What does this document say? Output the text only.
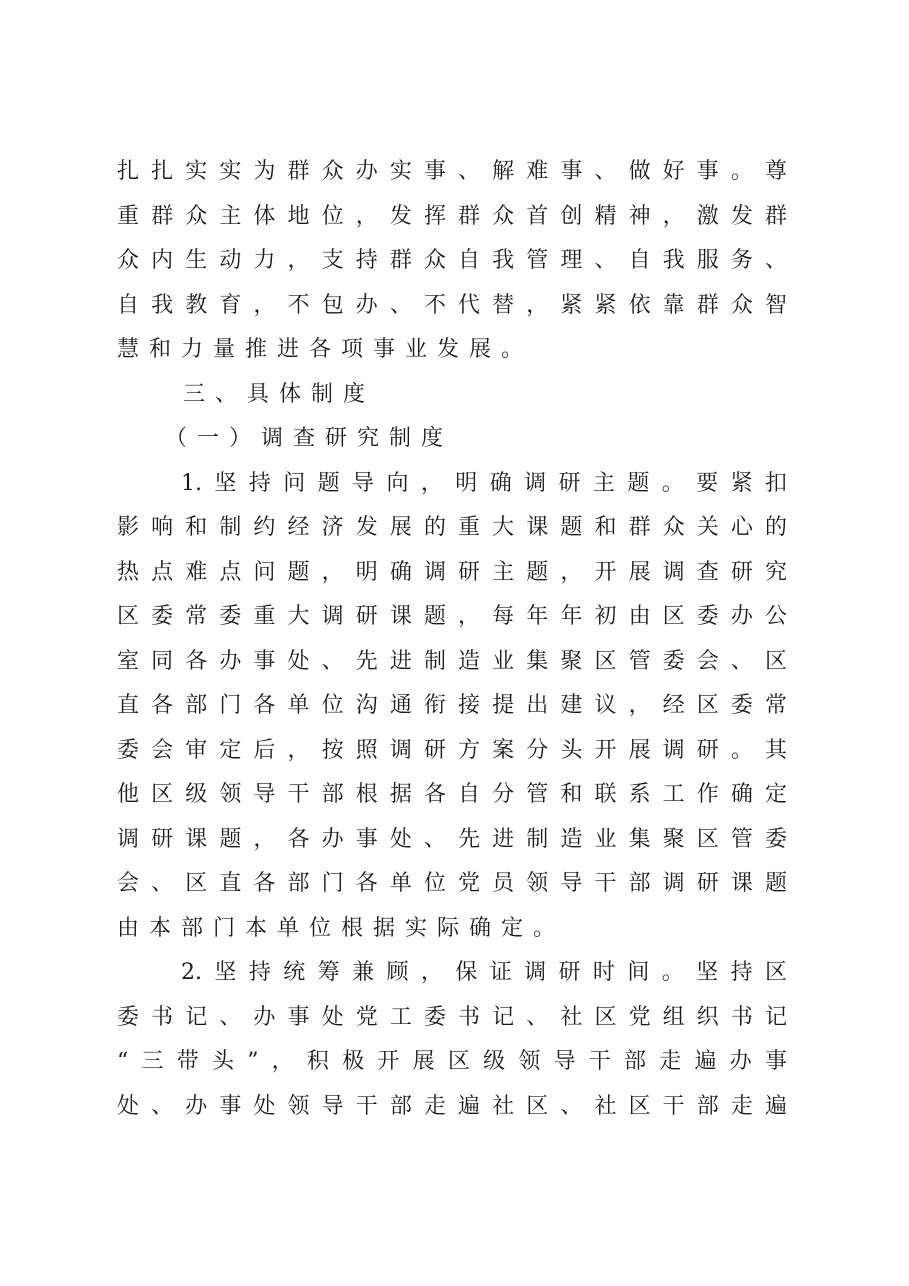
扎扎实实为群众办实事、解难事、做好事。尊
重群众主体地位，发挥群众首创精神，激发群
众内生动力，支持群众自我管理、自我服务、
自我教育，不包办、不代替，紧紧依靠群众智
慧和力量推进各项事业发展。
三、具体制度
（一）调查研究制度
1.坚持问题导向，明确调研主题。要紧扣
影响和制约经济发展的重大课题和群众关心的
热点难点问题，明确调研主题，开展调查研究
区委常委重大调研课题，每年年初由区委办公
室同各办事处、先进制造业集聚区管委会、区
直各部门各单位沟通衔接提出建议，经区委常
委会审定后，按照调研方案分头开展调研。其
他区级领导干部根据各自分管和联系工作确定
调研课题，各办事处、先进制造业集聚区管委
会、区直各部门各单位党员领导干部调研课题
由本部门本单位根据实际确定。
2.坚持统筹兼顾，保证调研时间。坚持区
委书记、办事处党工委书记、社区党组织书记
“三带头”，积极开展区级领导干部走遍办事
处、办事处领导干部走遍社区、社区干部走遍
